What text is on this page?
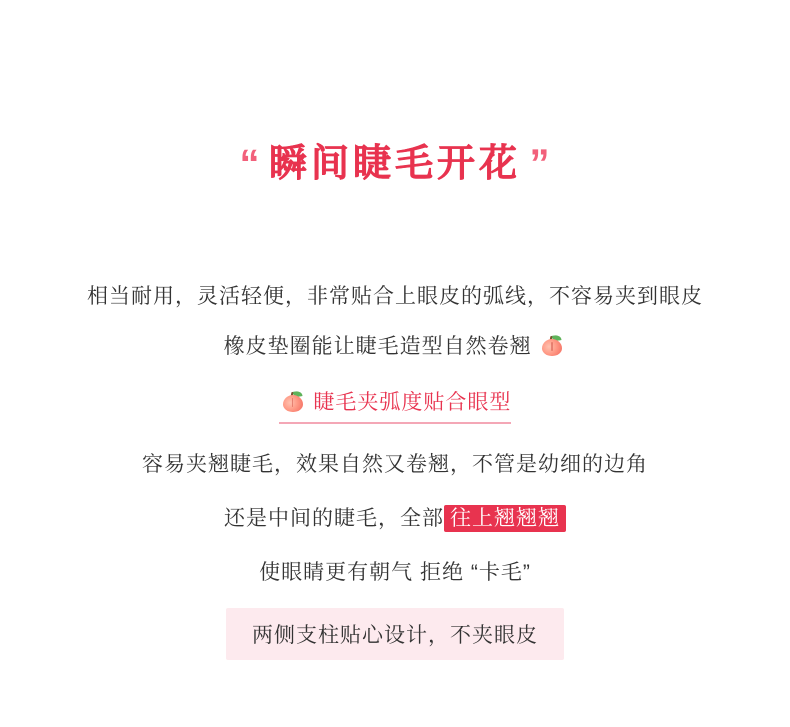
“ 瞬间睫毛开花 ”
相当耐用，灵活轻便，非常贴合上眼皮的弧线，不容易夹到眼皮
橡皮垫圈能让睫毛造型自然卷翘
睫毛夹弧度贴合眼型
容易夹翘睫毛，效果自然又卷翘，不管是幼细的边角
还是中间的睫毛，全部 往上翘翘翘
使眼睛更有朝气 拒绝 “卡毛”
两侧支柱贴心设计，不夹眼皮
